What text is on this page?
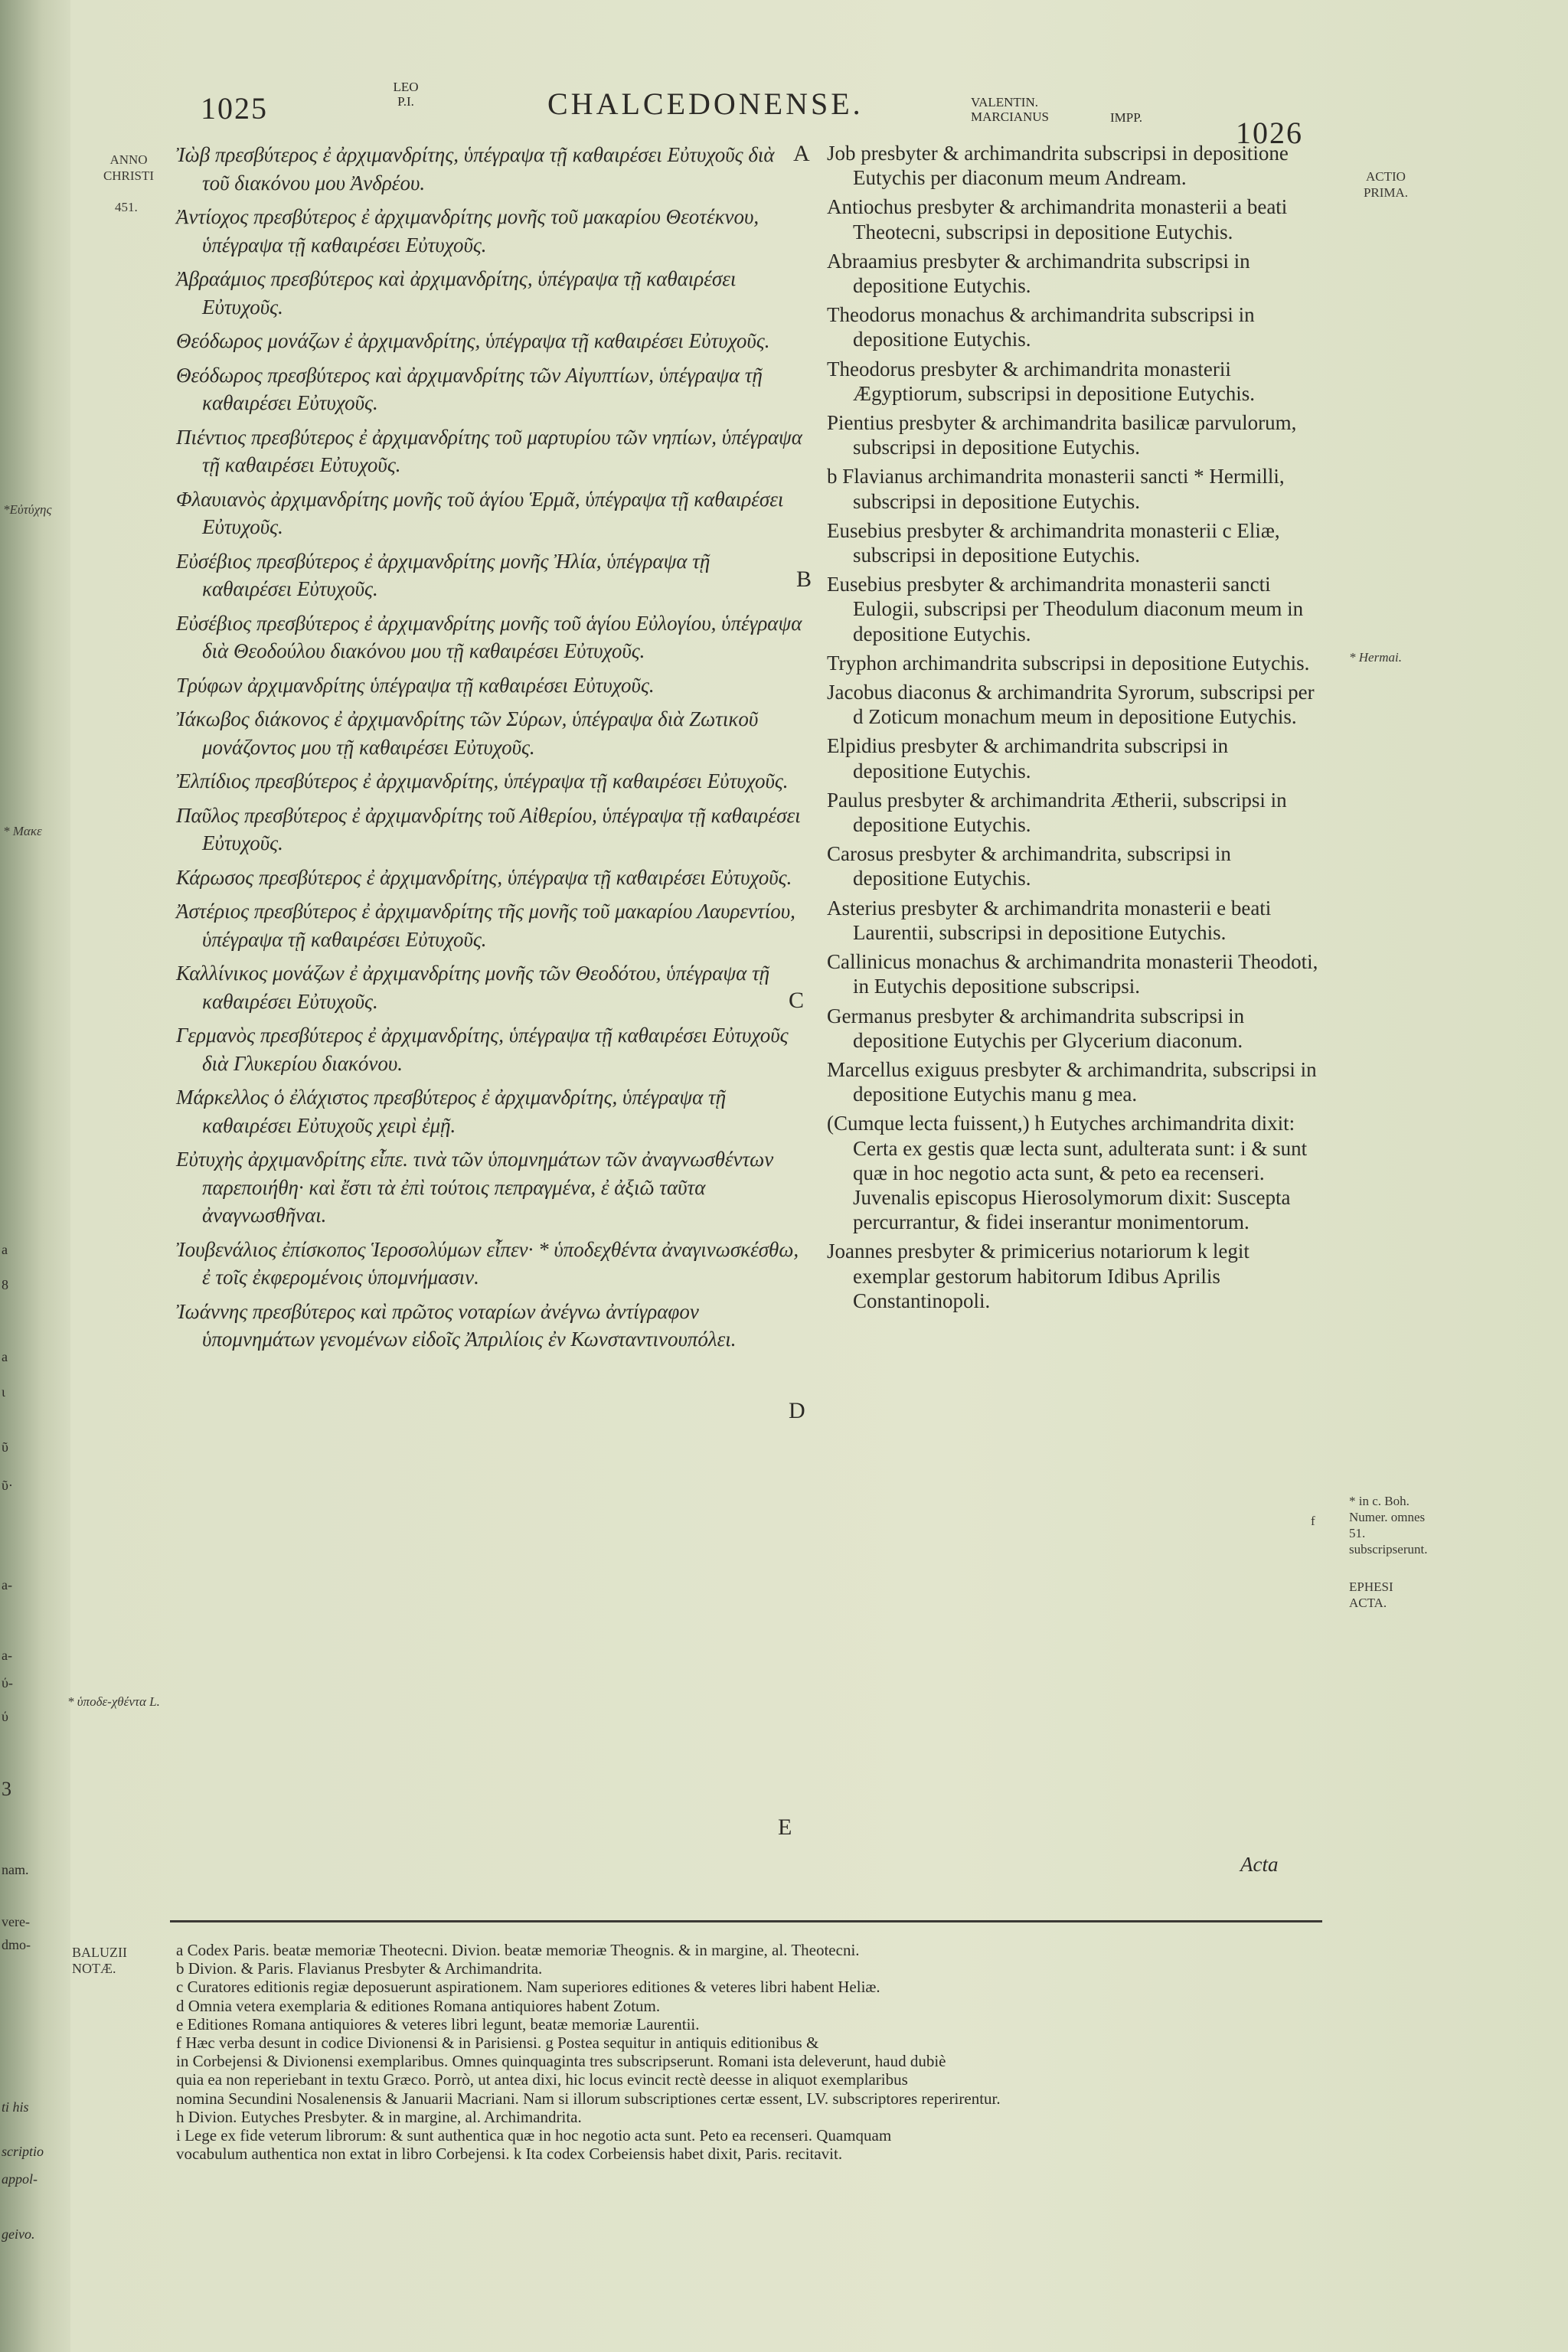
1025
LEO
P.I.	CHALCEDONENSE.	VALENTIN.
MARCIANUS	IMPP.	1026
ANNO CHRISTI
451.
*Εὐτύχης
* Μακε
* ὑποδε-χθέντα L.
ACTIO PRIMA.
* Hermai.
f
* in c. Boh. Numer. omnes 51. subscripserunt.
EPHESI ACTA.
A
B
C
D
E

Ἰὼβ πρεσβύτερος ἐ ἀρχιμανδρίτης, ὑπέγραψα τῇ καθαιρέσει Εὐτυχοῦς διὰ τοῦ διακόνου μου Ἀνδρέου.

Ἀντίοχος πρεσβύτερος ἐ ἀρχιμανδρίτης μονῆς τοῦ μακαρίου Θεοτέκνου, ὑπέγραψα τῇ καθαιρέσει Εὐτυχοῦς.

Ἀβραάμιος πρεσβύτερος καὶ ἀρχιμανδρίτης, ὑπέγραψα τῇ καθαιρέσει Εὐτυχοῦς.

Θεόδωρος μονάζων ἐ ἀρχιμανδρίτης, ὑπέγραψα τῇ καθαιρέσει Εὐτυχοῦς.

Θεόδωρος πρεσβύτερος καὶ ἀρχιμανδρίτης τῶν Αἰγυπτίων, ὑπέγραψα τῇ καθαιρέσει Εὐτυχοῦς.

Πιέντιος πρεσβύτερος ἐ ἀρχιμανδρίτης τοῦ μαρτυρίου τῶν νηπίων, ὑπέγραψα τῇ καθαιρέσει Εὐτυχοῦς.

Φλαυιανὸς ἀρχιμανδρίτης μονῆς τοῦ ἁγίου Ἑρμᾶ, ὑπέγραψα τῇ καθαιρέσει Εὐτυχοῦς.

Εὐσέβιος πρεσβύτερος ἐ ἀρχιμανδρίτης μονῆς Ἠλία, ὑπέγραψα τῇ καθαιρέσει Εὐτυχοῦς.

Εὐσέβιος πρεσβύτερος ἐ ἀρχιμανδρίτης μονῆς τοῦ ἁγίου Εὐλογίου, ὑπέγραψα διὰ Θεοδούλου διακόνου μου τῇ καθαιρέσει Εὐτυχοῦς.

Τρύφων ἀρχιμανδρίτης ὑπέγραψα τῇ καθαιρέσει Εὐτυχοῦς.

Ἰάκωβος διάκονος ἐ ἀρχιμανδρίτης τῶν Σύρων, ὑπέγραψα διὰ Ζωτικοῦ μονάζοντος μου τῇ καθαιρέσει Εὐτυχοῦς.

Ἐλπίδιος πρεσβύτερος ἐ ἀρχιμανδρίτης, ὑπέγραψα τῇ καθαιρέσει Εὐτυχοῦς.

Παῦλος πρεσβύτερος ἐ ἀρχιμανδρίτης τοῦ Αἰθερίου, ὑπέγραψα τῇ καθαιρέσει Εὐτυχοῦς.

Κάρωσος πρεσβύτερος ἐ ἀρχιμανδρίτης, ὑπέγραψα τῇ καθαιρέσει Εὐτυχοῦς.

Ἀστέριος πρεσβύτερος ἐ ἀρχιμανδρίτης τῆς μονῆς τοῦ μακαρίου Λαυρεντίου, ὑπέγραψα τῇ καθαιρέσει Εὐτυχοῦς.

Καλλίνικος μονάζων ἐ ἀρχιμανδρίτης μονῆς τῶν Θεοδότου, ὑπέγραψα τῇ καθαιρέσει Εὐτυχοῦς.

Γερμανὸς πρεσβύτερος ἐ ἀρχιμανδρίτης, ὑπέγραψα τῇ καθαιρέσει Εὐτυχοῦς διὰ Γλυκερίου διακόνου.

Μάρκελλος ὁ ἐλάχιστος πρεσβύτερος ἐ ἀρχιμανδρίτης, ὑπέγραψα τῇ καθαιρέσει Εὐτυχοῦς χειρὶ ἐμῇ.

Εὐτυχὴς ἀρχιμανδρίτης εἶπε. τινὰ τῶν ὑπομνημάτων τῶν ἀναγνωσθέντων παρεποιήθη· καὶ ἔστι τὰ ἐπὶ τούτοις πεπραγμένα, ἐ ἀξιῶ ταῦτα ἀναγνωσθῆναι.

Ἰουβενάλιος ἐπίσκοπος Ἱεροσολύμων εἶπεν· * ὑποδεχθέντα ἀναγινωσκέσθω, ἐ τοῖς ἐκφερομένοις ὑπομνήμασιν.

Ἰωάννης πρεσβύτερος καὶ πρῶτος νοταρίων ἀνέγνω ἀντίγραφον ὑπομνημάτων γενομένων εἰδοῖς Ἀπριλίοις ἐν Κωνσταντινουπόλει.

Job presbyter & archimandrita subscripsi in depositione Eutychis per diaconum meum Andream.

Antiochus presbyter & archimandrita monasterii a beati Theotecni, subscripsi in depositione Eutychis.

Abraamius presbyter & archimandrita subscripsi in depositione Eutychis.

Theodorus monachus & archimandrita subscripsi in depositione Eutychis.

Theodorus presbyter & archimandrita monasterii Ægyptiorum, subscripsi in depositione Eutychis.

Pientius presbyter & archimandrita basilicæ parvulorum, subscripsi in depositione Eutychis.

b Flavianus archimandrita monasterii sancti * Hermilli, subscripsi in depositione Eutychis.

Eusebius presbyter & archimandrita monasterii c Eliæ, subscripsi in depositione Eutychis.

Eusebius presbyter & archimandrita monasterii sancti Eulogii, subscripsi per Theodulum diaconum meum in depositione Eutychis.

Tryphon archimandrita subscripsi in depositione Eutychis.

Jacobus diaconus & archimandrita Syrorum, subscripsi per d Zoticum monachum meum in depositione Eutychis.

Elpidius presbyter & archimandrita subscripsi in depositione Eutychis.

Paulus presbyter & archimandrita Ætherii, subscripsi in depositione Eutychis.

Carosus presbyter & archimandrita, subscripsi in depositione Eutychis.

Asterius presbyter & archimandrita monasterii e beati Laurentii, subscripsi in depositione Eutychis.

Callinicus monachus & archimandrita monasterii Theodoti, in Eutychis depositione subscripsi.

Germanus presbyter & archimandrita subscripsi in depositione Eutychis per Glycerium diaconum.

Marcellus exiguus presbyter & archimandrita, subscripsi in depositione Eutychis manu g mea.

(Cumque lecta fuissent,) h Eutyches archimandrita dixit: Certa ex gestis quæ lecta sunt, adulterata sunt: i & sunt quæ in hoc negotio acta sunt, & peto ea recenseri. Juvenalis episcopus Hierosolymorum dixit: Suscepta percurrantur, & fidei inserantur monimentorum.

Joannes presbyter & primicerius notariorum k legit exemplar gestorum habitorum Idibus Aprilis Constantinopoli.

Acta
BALUZII
NOTÆ.

a Codex Paris. beatæ memoriæ Theotecni. Divion. beatæ memoriæ Theognis. & in margine, al. Theotecni.

b Divion. & Paris. Flavianus Presbyter & Archimandrita.

c Curatores editionis regiæ deposuerunt aspirationem. Nam superiores editiones & veteres libri habent Heliæ.

d Omnia vetera exemplaria & editiones Romana antiquiores habent Zotum.

e Editiones Romana antiquiores & veteres libri legunt, beatæ memoriæ Laurentii.

f Hæc verba desunt in codice Divionensi & in Parisiensi. g Postea sequitur in antiquis editionibus &

in Corbejensi & Divionensi exemplaribus. Omnes quinquaginta tres subscripserunt. Romani ista deleverunt, haud dubiè

quia ea non reperiebant in textu Græco. Porrò, ut antea dixi, hic locus evincit rectè deesse in aliquot exemplaribus

nomina Secundini Nosalenensis & Januarii Macriani. Nam si illorum subscriptiones certæ essent, LV. subscriptores reperirentur.

h Divion. Eutyches Presbyter. & in margine, al. Archimandrita.

i Lege ex fide veterum librorum: & sunt authentica quæ in hoc negotio acta sunt. Peto ea recenseri. Quamquam

vocabulum authentica non extat in libro Corbejensi. k Ita codex Corbeiensis habet dixit, Paris. recitavit.

a
8
a
ι
ῦ
ῦ·
a-
a-
ύ-
ύ
3
nam.
vere-
dmo-
ti his
scriptio
appol-
geivo.
